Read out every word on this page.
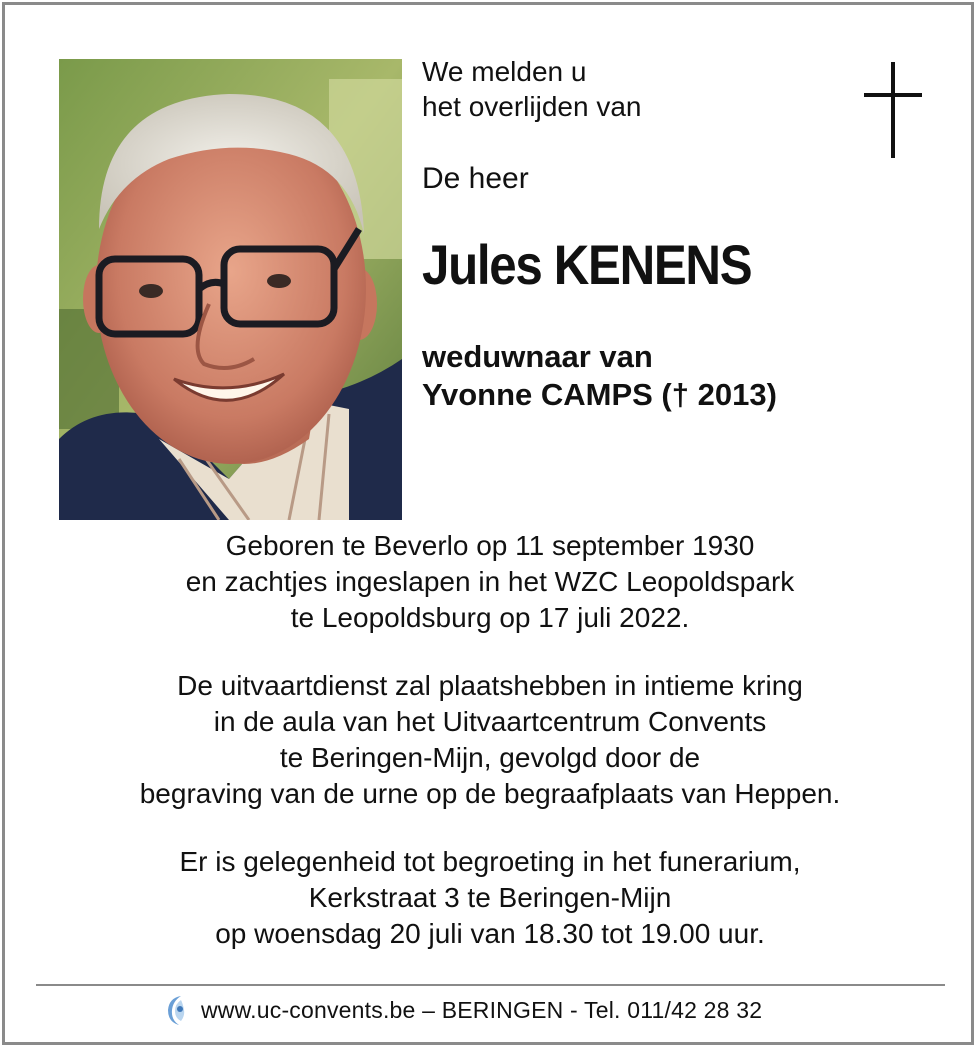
We melden u
het overlijden van
De heer
Jules KENENS
weduwnaar van
Yvonne CAMPS († 2013)
Geboren te Beverlo op 11 september 1930
en zachtjes ingeslapen in het WZC Leopoldspark
te Leopoldsburg op 17 juli 2022.
De uitvaartdienst zal plaatshebben in intieme kring
in de aula van het Uitvaartcentrum Convents
te Beringen-Mijn, gevolgd door de
begraving van de urne op de begraafplaats van Heppen.
Er is gelegenheid tot begroeting in het funerarium,
Kerkstraat 3 te Beringen-Mijn
op woensdag 20 juli van 18.30 tot 19.00 uur.
www.uc-convents.be – BERINGEN - Tel. 011/42 28 32
